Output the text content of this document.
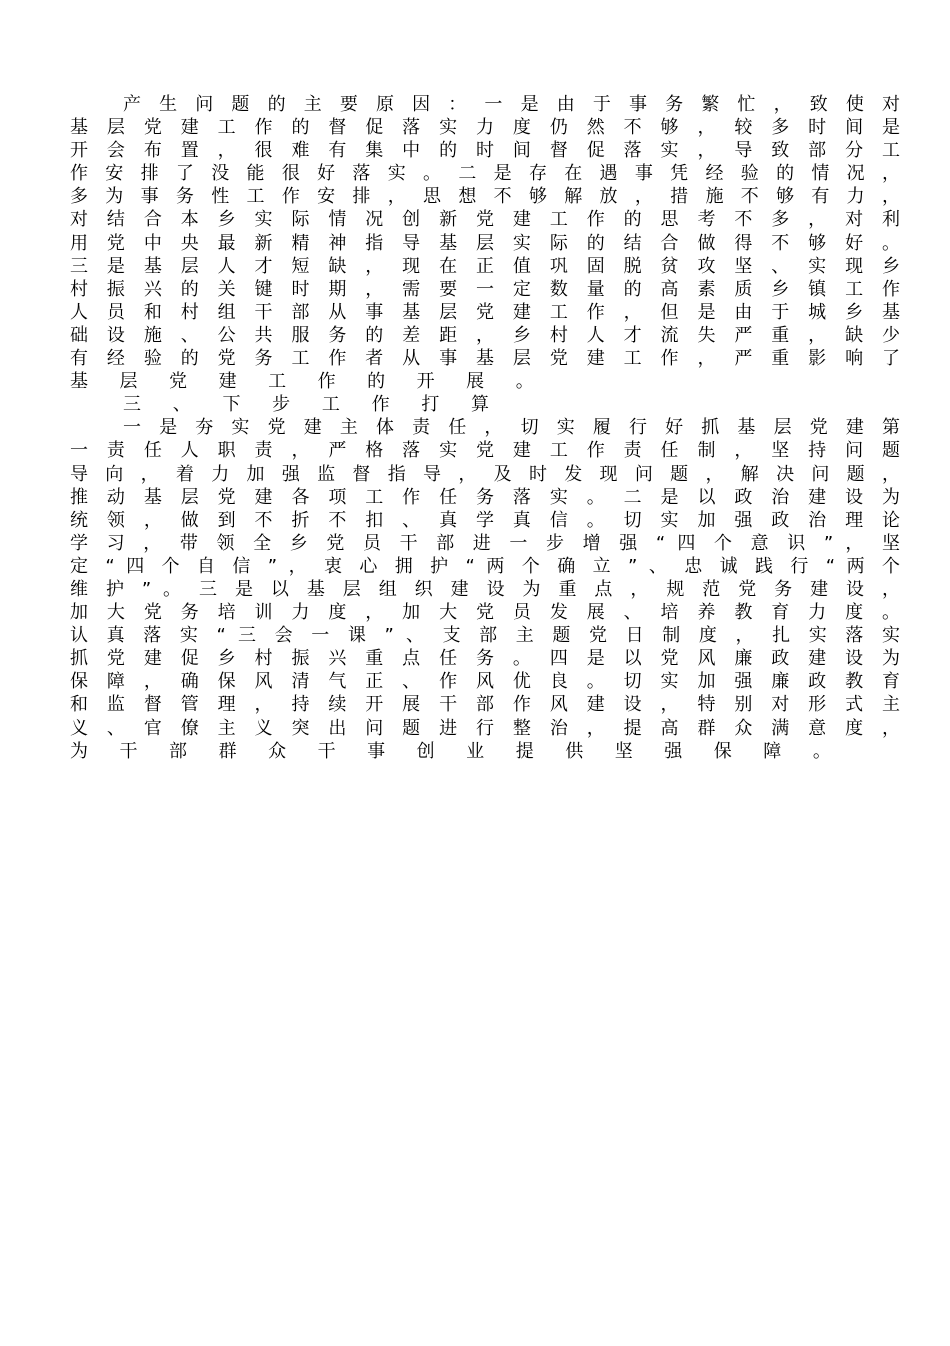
产 生 问 题 的 主 要 原 因 ： 一 是 由 于 事 务 繁 忙 ， 致 使 对
基 层 党 建 工 作 的 督 促 落 实 力 度 仍 然 不 够 ， 较 多 时 间 是
开 会 布 置 ， 很 难 有 集 中 的 时 间 督 促 落 实 ， 导 致 部 分 工
作 安 排 了 没 能 很 好 落 实 。 二 是 存 在 遇 事 凭 经 验 的 情 况 ，
多 为 事 务 性 工 作 安 排 ， 思 想 不 够 解 放 ， 措 施 不 够 有 力 ，
对 结 合 本 乡 实 际 情 况 创 新 党 建 工 作 的 思 考 不 多 ， 对 利
用 党 中 央 最 新 精 神 指 导 基 层 实 际 的 结 合 做 得 不 够 好 。
三 是 基 层 人 才 短 缺 ， 现 在 正 值 巩 固 脱 贫 攻 坚 、 实 现 乡
村 振 兴 的 关 键 时 期 ， 需 要 一 定 数 量 的 高 素 质 乡 镇 工 作
人 员 和 村 组 干 部 从 事 基 层 党 建 工 作 ， 但 是 由 于 城 乡 基
础 设 施 、 公 共 服 务 的 差 距 ， 乡 村 人 才 流 失 严 重 ， 缺 少
有 经 验 的 党 务 工 作 者 从 事 基 层 党 建 工 作 ， 严 重 影 响 了
基 层 党 建 工 作 的 开 展 。
三 、 下 步 工 作 打 算
一 是 夯 实 党 建 主 体 责 任 ， 切 实 履 行 好 抓 基 层 党 建 第
一 责 任 人 职 责 ， 严 格 落 实 党 建 工 作 责 任 制 ， 坚 持 问 题
导 向 ， 着 力 加 强 监 督 指 导 ， 及 时 发 现 问 题 ， 解 决 问 题 ，
推 动 基 层 党 建 各 项 工 作 任 务 落 实 。 二 是 以 政 治 建 设 为
统 领 ， 做 到 不 折 不 扣 、 真 学 真 信 。 切 实 加 强 政 治 理 论
学 习 ， 带 领 全 乡 党 员 干 部 进 一 步 增 强 “ 四 个 意 识 ” ， 坚
定 “ 四 个 自 信 ” ， 衷 心 拥 护 “ 两 个 确 立 ” 、 忠 诚 践 行 “ 两 个
维 护 ” 。 三 是 以 基 层 组 织 建 设 为 重 点 ， 规 范 党 务 建 设 ，
加 大 党 务 培 训 力 度 ， 加 大 党 员 发 展 、 培 养 教 育 力 度 。
认 真 落 实 “ 三 会 一 课 ” 、 支 部 主 题 党 日 制 度 ， 扎 实 落 实
抓 党 建 促 乡 村 振 兴 重 点 任 务 。 四 是 以 党 风 廉 政 建 设 为
保 障 ， 确 保 风 清 气 正 、 作 风 优 良 。 切 实 加 强 廉 政 教 育
和 监 督 管 理 ， 持 续 开 展 干 部 作 风 建 设 ， 特 别 对 形 式 主
义 、 官 僚 主 义 突 出 问 题 进 行 整 治 ， 提 高 群 众 满 意 度 ，
为 干 部 群 众 干 事 创 业 提 供 坚 强 保 障 。
